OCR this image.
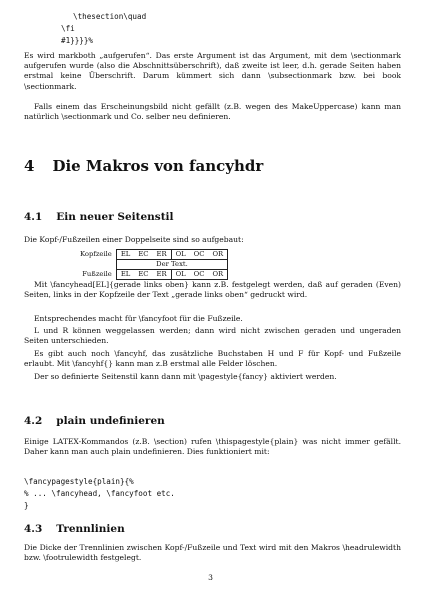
\thesection\quad
\fi
#1}}}}%
Es wird markboth „aufgerufen“. Das erste Argument ist das Argument, mit dem \sectionmark aufgerufen wurde (also die Abschnittsüberschrift), daß zweite ist leer, d.h. gerade Seiten haben erstmal keine Überschrift. Darum kümmert sich dann \subsectionmark bzw. bei book \sectionmark.
Falls einem das Erscheinungsbild nicht gefällt (z.B. wegen des MakeUppercase) kann man natürlich \sectionmark und Co. selber neu definieren.
4 Die Makros von fancyhdr
4.1 Ein neuer Seitenstil
Die Kopf-/Fußzeilen einer Doppelseite sind so aufgebaut:
Kopfzeile	EL	EC	ER	OL	OC	OR
	Der Text.					
Fußzeile	EL	EC	ER	OL	OC	OR
Mit \fancyhead[EL]{gerade links oben} kann z.B. festgelegt werden, daß auf geraden (Even) Seiten, links in der Kopfzeile der Text „gerade links oben“ gedruckt wird.
Entsprechendes macht für \fancyfoot für die Fußzeile.
L und R können weggelassen werden; dann wird nicht zwischen geraden und ungeraden Seiten unterschieden.
Es gibt auch noch \fancyhf, das zusätzliche Buchstaben H und F für Kopf- und Fußzeile erlaubt. Mit \fancyhf{} kann man z.B erstmal alle Felder löschen.
Der so definierte Seitenstil kann dann mit \pagestyle{fancy} aktiviert werden.
4.2 plain undefinieren
Einige LATEX-Kommandos (z.B. \section) rufen \thispagestyle{plain} was nicht immer gefällt. Daher kann man auch plain undefinieren. Dies funktioniert mit:
\fancypagestyle{plain}{%
% ... \fancyhead, \fancyfoot etc.
}
4.3 Trennlinien
Die Dicke der Trennlinien zwischen Kopf-/Fußzeile und Text wird mit den Makros \headrulewidth bzw. \footrulewidth festgelegt.
3
